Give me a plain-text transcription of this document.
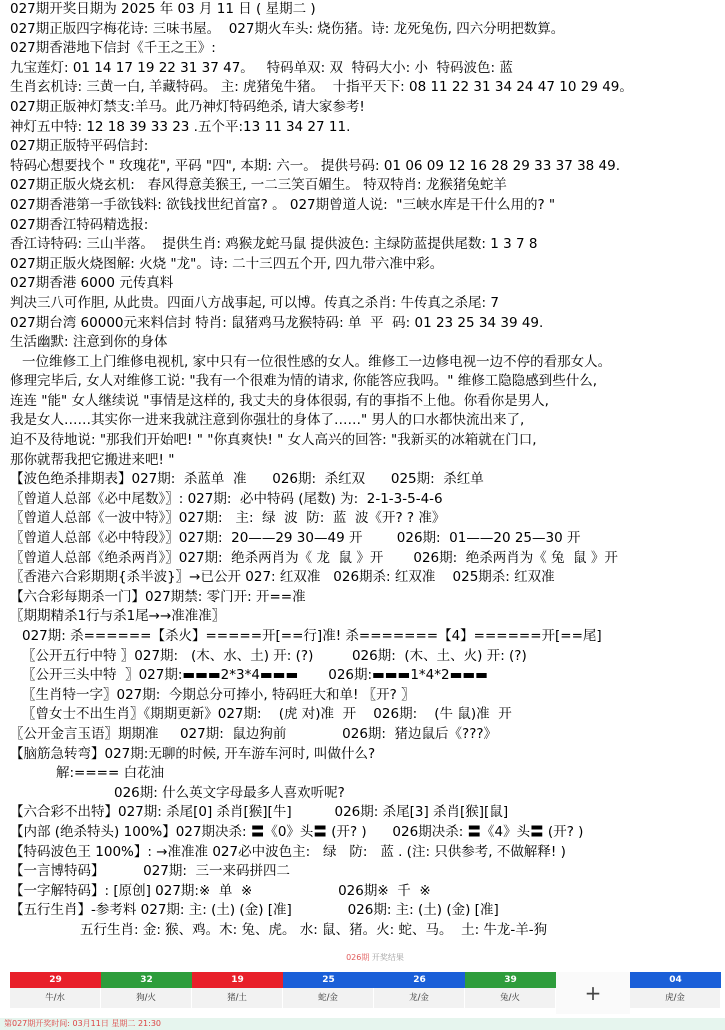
027期开奖日期为 2025 年 03 月 11 日 ( 星期二 )
027期正版四字梅花诗: 三味书屋。  027期火车头: 烧伤猪。诗: 龙死兔伤, 四六分明把数算。
027期香港地下信封《千王之王》:
九宝莲灯: 01 14 17 19 22 31 37 47。   特码单双: 双  特码大小: 小  特码波色: 蓝
生肖玄机诗: 三黄一白, 羊藏特码。 主: 虎猪兔牛猪。  十指平天下: 08 11 22 31 34 24 47 10 29 49。
027期正版神灯禁支:羊马。此乃神灯特码绝杀, 请大家参考!
神灯五中特: 12 18 39 33 23 .五个平:13 11 34 27 11.
027期正版特平码信封:
特码心想要找个 " 玫瑰花", 平码 "四", 本期: 六一。 提供号码: 01 06 09 12 16 28 29 33 37 38 49.
027期正版火烧玄机:   春风得意美猴王, 一二三笑百媚生。 特双特肖: 龙猴猪兔蛇羊
027期香港第一手欲钱料: 欲钱找世纪首富? 。 027期曾道人说:  "三峡水库是干什么用的? "
027期香江特码精选报:
香江诗特码: 三山半落。  提供生肖: 鸡猴龙蛇马鼠 提供波色: 主绿防蓝提供尾数: 1 3 7 8
027期正版火烧图解: 火烧 "龙"。诗: 二十三四五个开, 四九带六准中彩。
027期香港 6000 元传真料
判决三八可作胆, 从此贵。四面八方战事起, 可以博。传真之杀肖: 牛传真之杀尾: 7
027期台湾 60000元来料信封 特肖: 鼠猪鸡马龙猴特码: 单  平  码: 01 23 25 34 39 49.
生活幽默: 注意到你的身体
一位维修工上门维修电视机, 家中只有一位很性感的女人。维修工一边修电视一边不停的看那女人。
修理完毕后, 女人对维修工说: "我有一个很难为情的请求, 你能答应我吗。" 维修工隐隐感到些什么,
连连 "能" 女人继续说 "事情是这样的, 我丈夫的身体很弱, 有的事指不上他。你看你是男人,
我是女人……其实你一进来我就注意到你强壮的身体了……" 男人的口水都快流出来了,
迫不及待地说: "那我们开始吧! " "你真爽快! " 女人高兴的回答: "我新买的冰箱就在门口,
那你就帮我把它搬进来吧! "
【波色绝杀排期表】027期:  杀蓝单  准      026期:  杀红双      025期:  杀红单
〖曾道人总部《必中尾数》〗: 027期:  必中特码 (尾数) 为:  2-1-3-5-4-6
〖曾道人总部《一波中特》〗027期:   主:  绿  波  防:  蓝  波《开? ? 准》
〖曾道人总部《必中特段》〗027期:  20——29 30—49 开        026期:  01——20 25—30 开
〖曾道人总部《绝杀两肖》〗027期:  绝杀两肖为《 龙  鼠 》开       026期:  绝杀两肖为《 兔  鼠 》开
〖香港六合彩期期{杀半波}〗→已公开 027: 红双准   026期杀: 红双准    025期杀: 红双准
【六合彩每期杀一门】027期禁: 零门开: 开==准
〖期期精杀1行与杀1尾→→准准准〗
027期: 杀======【杀火】=====开[==行]准! 杀=======【4】======开[==尾]
〖公开五行中特 〗027期:   (木、水、土) 开: (?)         026期:  (木、土、火) 开: (?)
〖公开三头中特  〗027期:▬▬▬2*3*4▬▬▬       026期:▬▬▬1*4*2▬▬▬
〖生肖特一字〗027期:  今期总分可捧小, 特码旺大和单! 〖开? 〗
〖曾女士不出生肖〗《期期更新》027期:    (虎 对)准  开    026期:    (牛 鼠)准  开
〖公开金言玉语〗期期准     027期:  鼠边狗前             026期:  猪边鼠后《???》
【脑筋急转弯】027期:无聊的时候, 开车游车河时, 叫做什么?
解:==== 白花油
026期: 什么英文字母最多人喜欢听呢?
【六合彩不出特】027期: 杀尾[0] 杀肖[猴][牛]          026期: 杀尾[3] 杀肖[猴][鼠]
【内部 (绝杀特头) 100%】027期决杀: 〓《0》头〓 (开? )      026期决杀: 〓《4》头〓 (开? )
【特码波色王 100%】: →准准准 027必中波色主:   绿   防:   蓝 . (注: 只供参考, 不做解释! )
【一言博特码】         027期:  三一来码拼四二
【一字解特码】: [原创] 027期:※  单  ※                    026期※  千  ※
【五行生肖】-参考料 027期: 主: (土) (金) [准]             026期: 主: (土) (金) [准]
五行生肖: 金: 猴、鸡。木: 兔、虎。 水: 鼠、猪。火: 蛇、马。  土: 牛龙-羊-狗
026期 开奖结果
29
牛/水
32
狗/火
19
猪/土
25
蛇/金
26
龙/金
39
兔/火	+
04
虎/金
第027期开奖时间: 03月11日 星期二 21:30
